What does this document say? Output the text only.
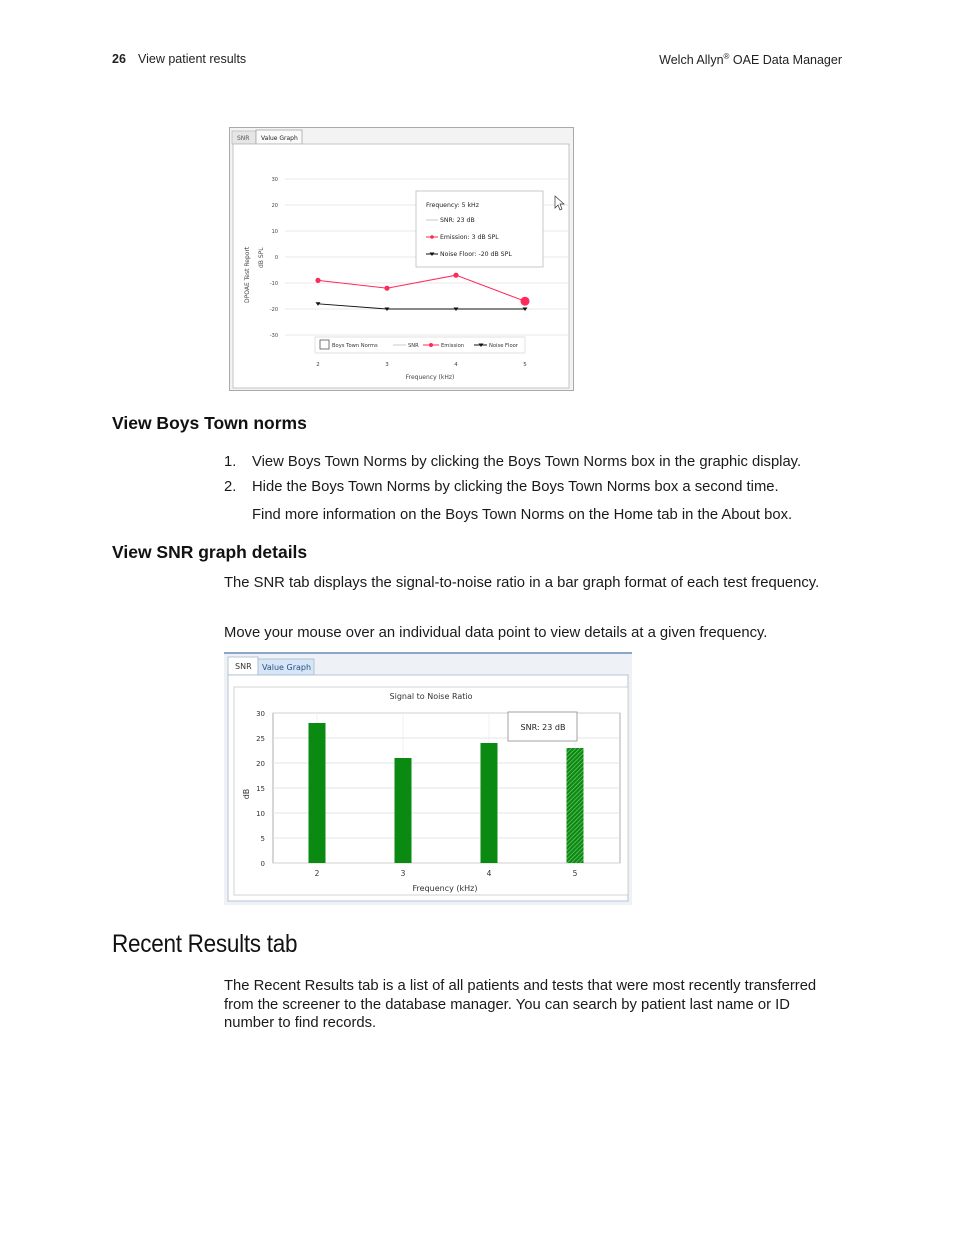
26 View patient results	Welch Allyn® OAE Data Manager
SNR Value Graph
DPOAE Test Report dB SPL
30
20
10
0
-10
-20
-30
2	3	4	5
Frequency (kHz)
Boys Town Norms	SNR	Emission	Noise Floor
Frequency: 5 kHz
SNR: 23 dB
Emission: 3 dB SPL
Noise Floor: -20 dB SPL
View Boys Town norms
1. View Boys Town Norms by clicking the Boys Town Norms box in the graphic display.
2. Hide the Boys Town Norms by clicking the Boys Town Norms box a second time.
Find more information on the Boys Town Norms on the Home tab in the About box.
View SNR graph details
The SNR tab displays the signal-to-noise ratio in a bar graph format of each test frequency.
Move your mouse over an individual data point to view details at a given frequency.
SNR Value Graph
Signal to Noise Ratio
dB
30
25
20
15
10
5
0
2	3	4	5
Frequency (kHz)
SNR: 23 dB
Recent Results tab
The Recent Results tab is a list of all patients and tests that were most recently transferred from the screener to the database manager. You can search by patient last name or ID number to find records.
